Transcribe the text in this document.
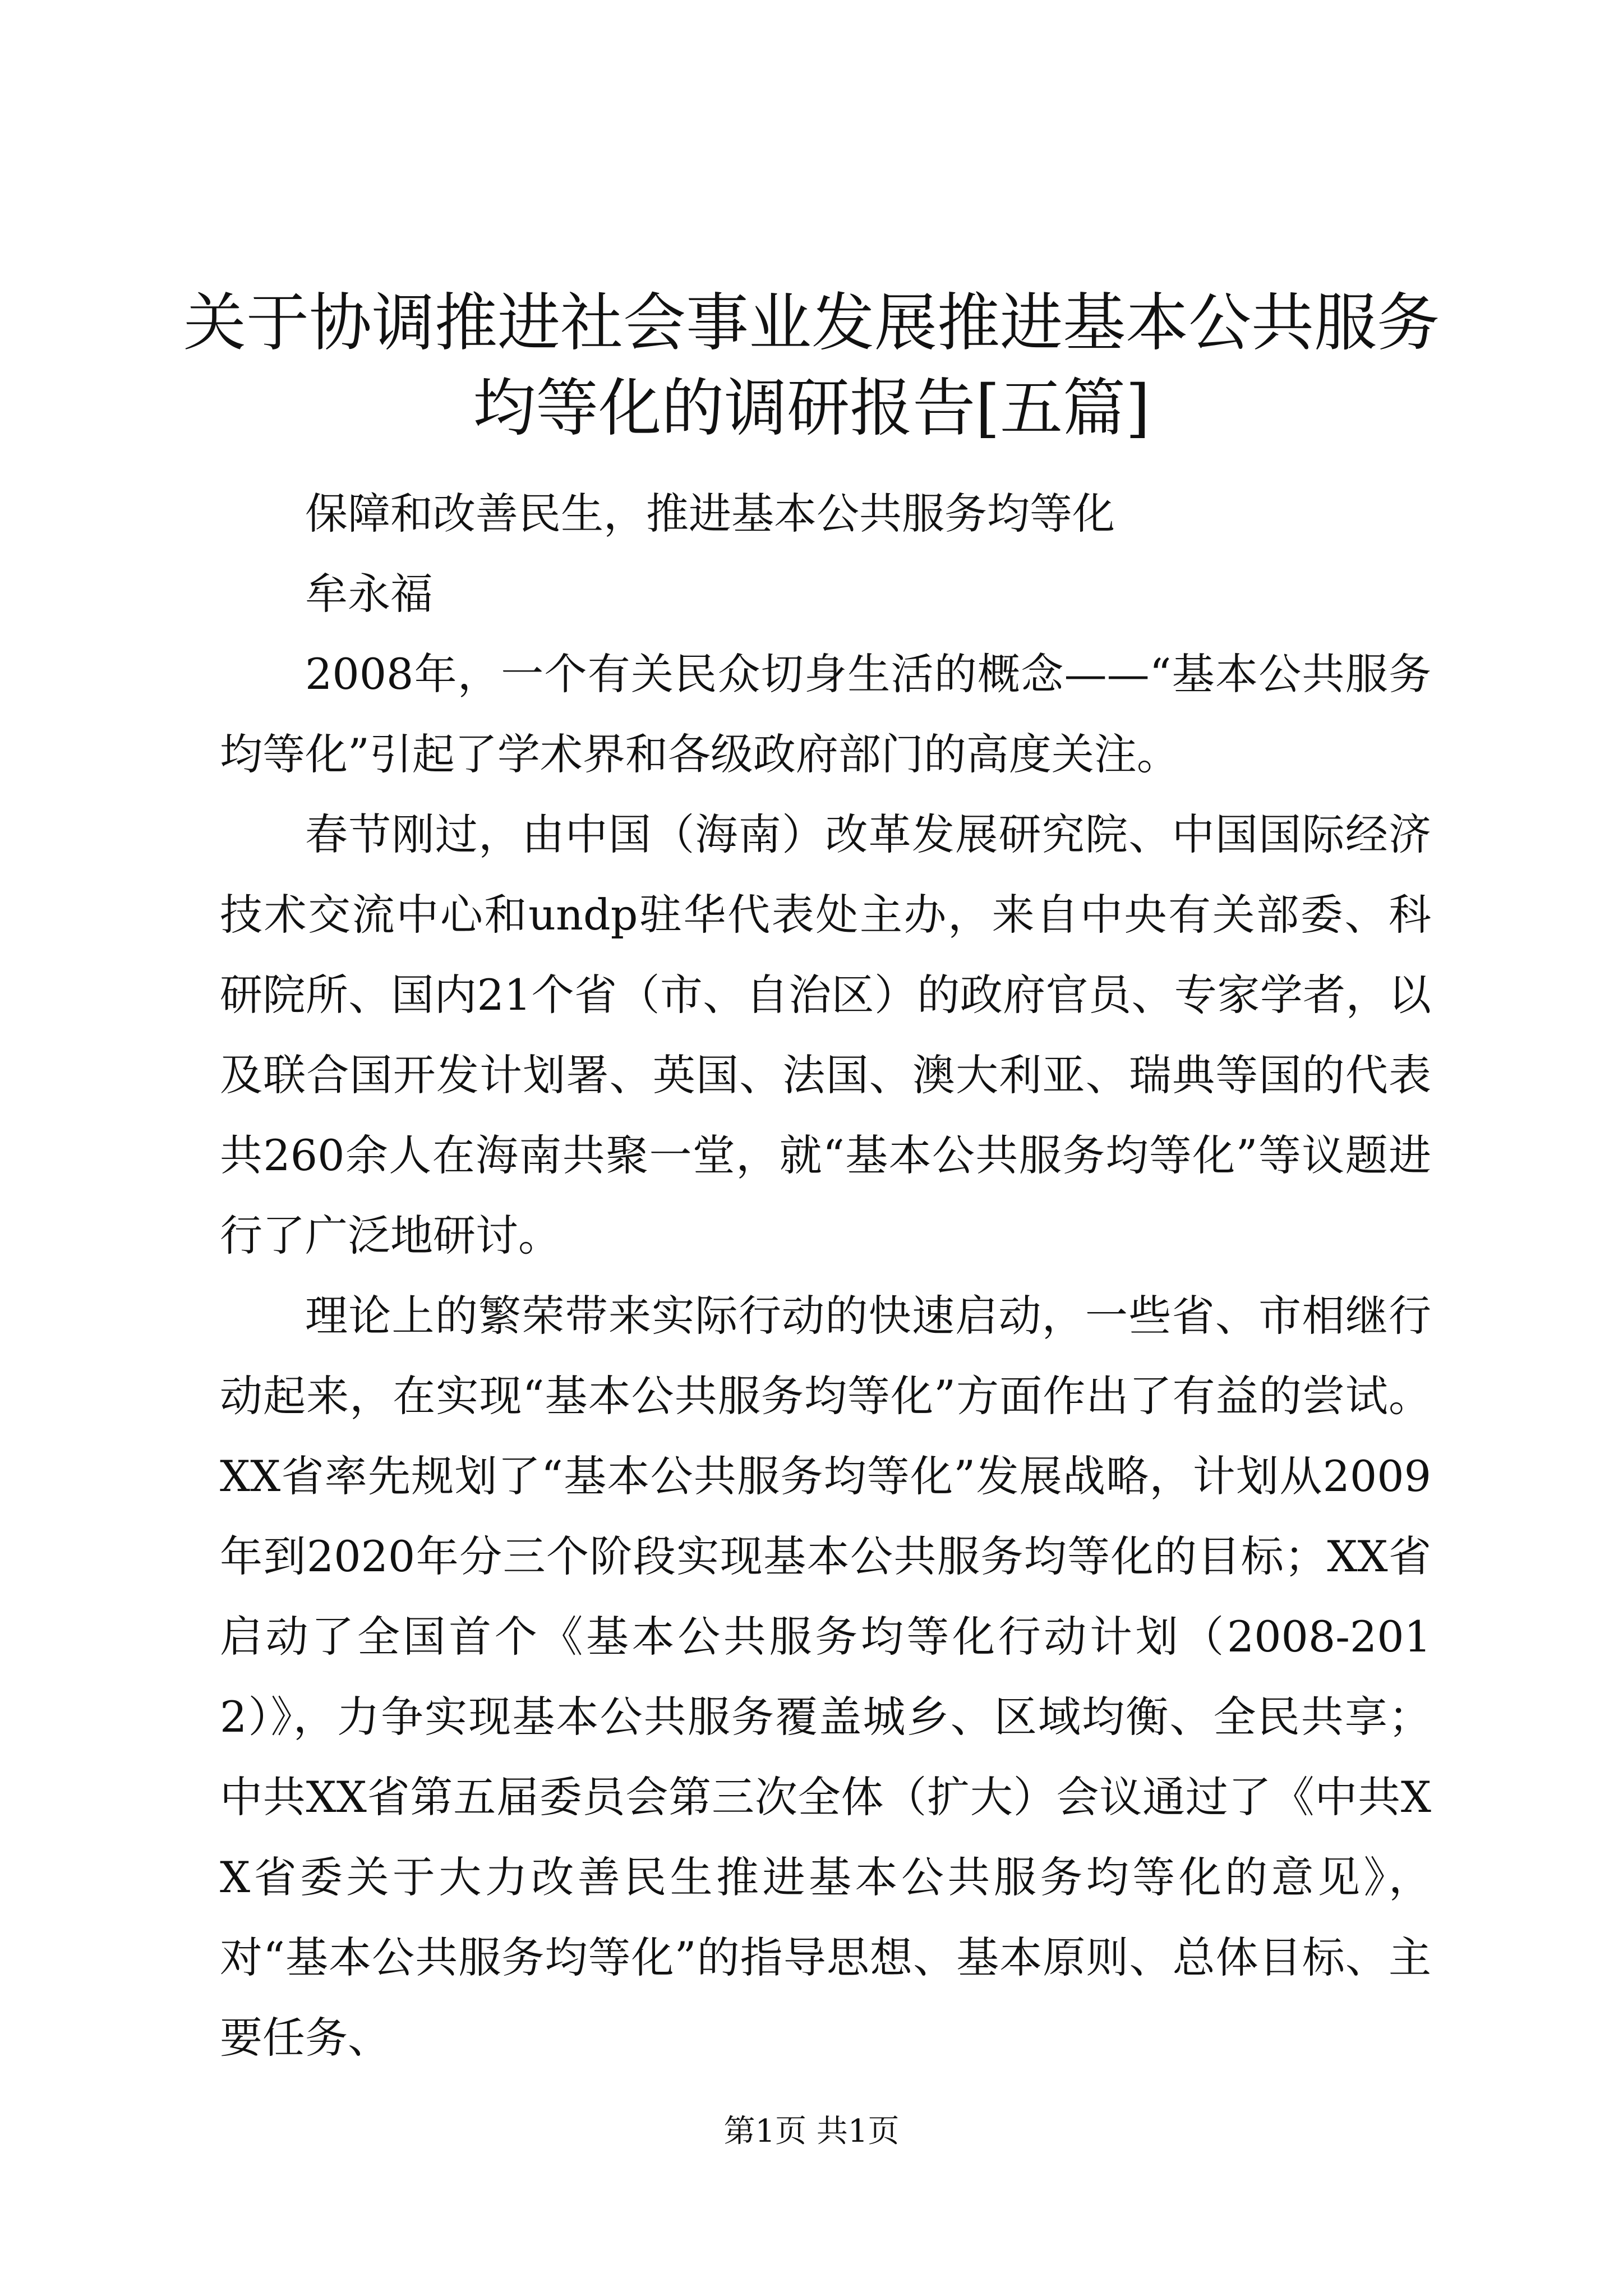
关于协调推进社会事业发展推进基本公共服务均等化的调研报告[五篇]

保障和改善民生，推进基本公共服务均等化

牟永福

2008年，一个有关民众切身生活的概念——“基本公共服务均等化”引起了学术界和各级政府部门的高度关注。

春节刚过，由中国（海南）改革发展研究院、中国国际经济技术交流中心和undp驻华代表处主办，来自中央有关部委、科研院所、国内21个省（市、自治区）的政府官员、专家学者，以及联合国开发计划署、英国、法国、澳大利亚、瑞典等国的代表共260余人在海南共聚一堂，就“基本公共服务均等化”等议题进行了广泛地研讨。

理论上的繁荣带来实际行动的快速启动，一些省、市相继行动起来，在实现“基本公共服务均等化”方面作出了有益的尝试。XX省率先规划了“基本公共服务均等化”发展战略，计划从2009年到2020年分三个阶段实现基本公共服务均等化的目标；XX省启动了全国首个《基本公共服务均等化行动计划（2008-2012）》，力争实现基本公共服务覆盖城乡、区域均衡、全民共享；中共XX省第五届委员会第三次全体（扩大）会议通过了《中共XX省委关于大力改善民生推进基本公共服务均等化的意见》，对“基本公共服务均等化”的指导思想、基本原则、总体目标、主要任务、

第1页 共1页
